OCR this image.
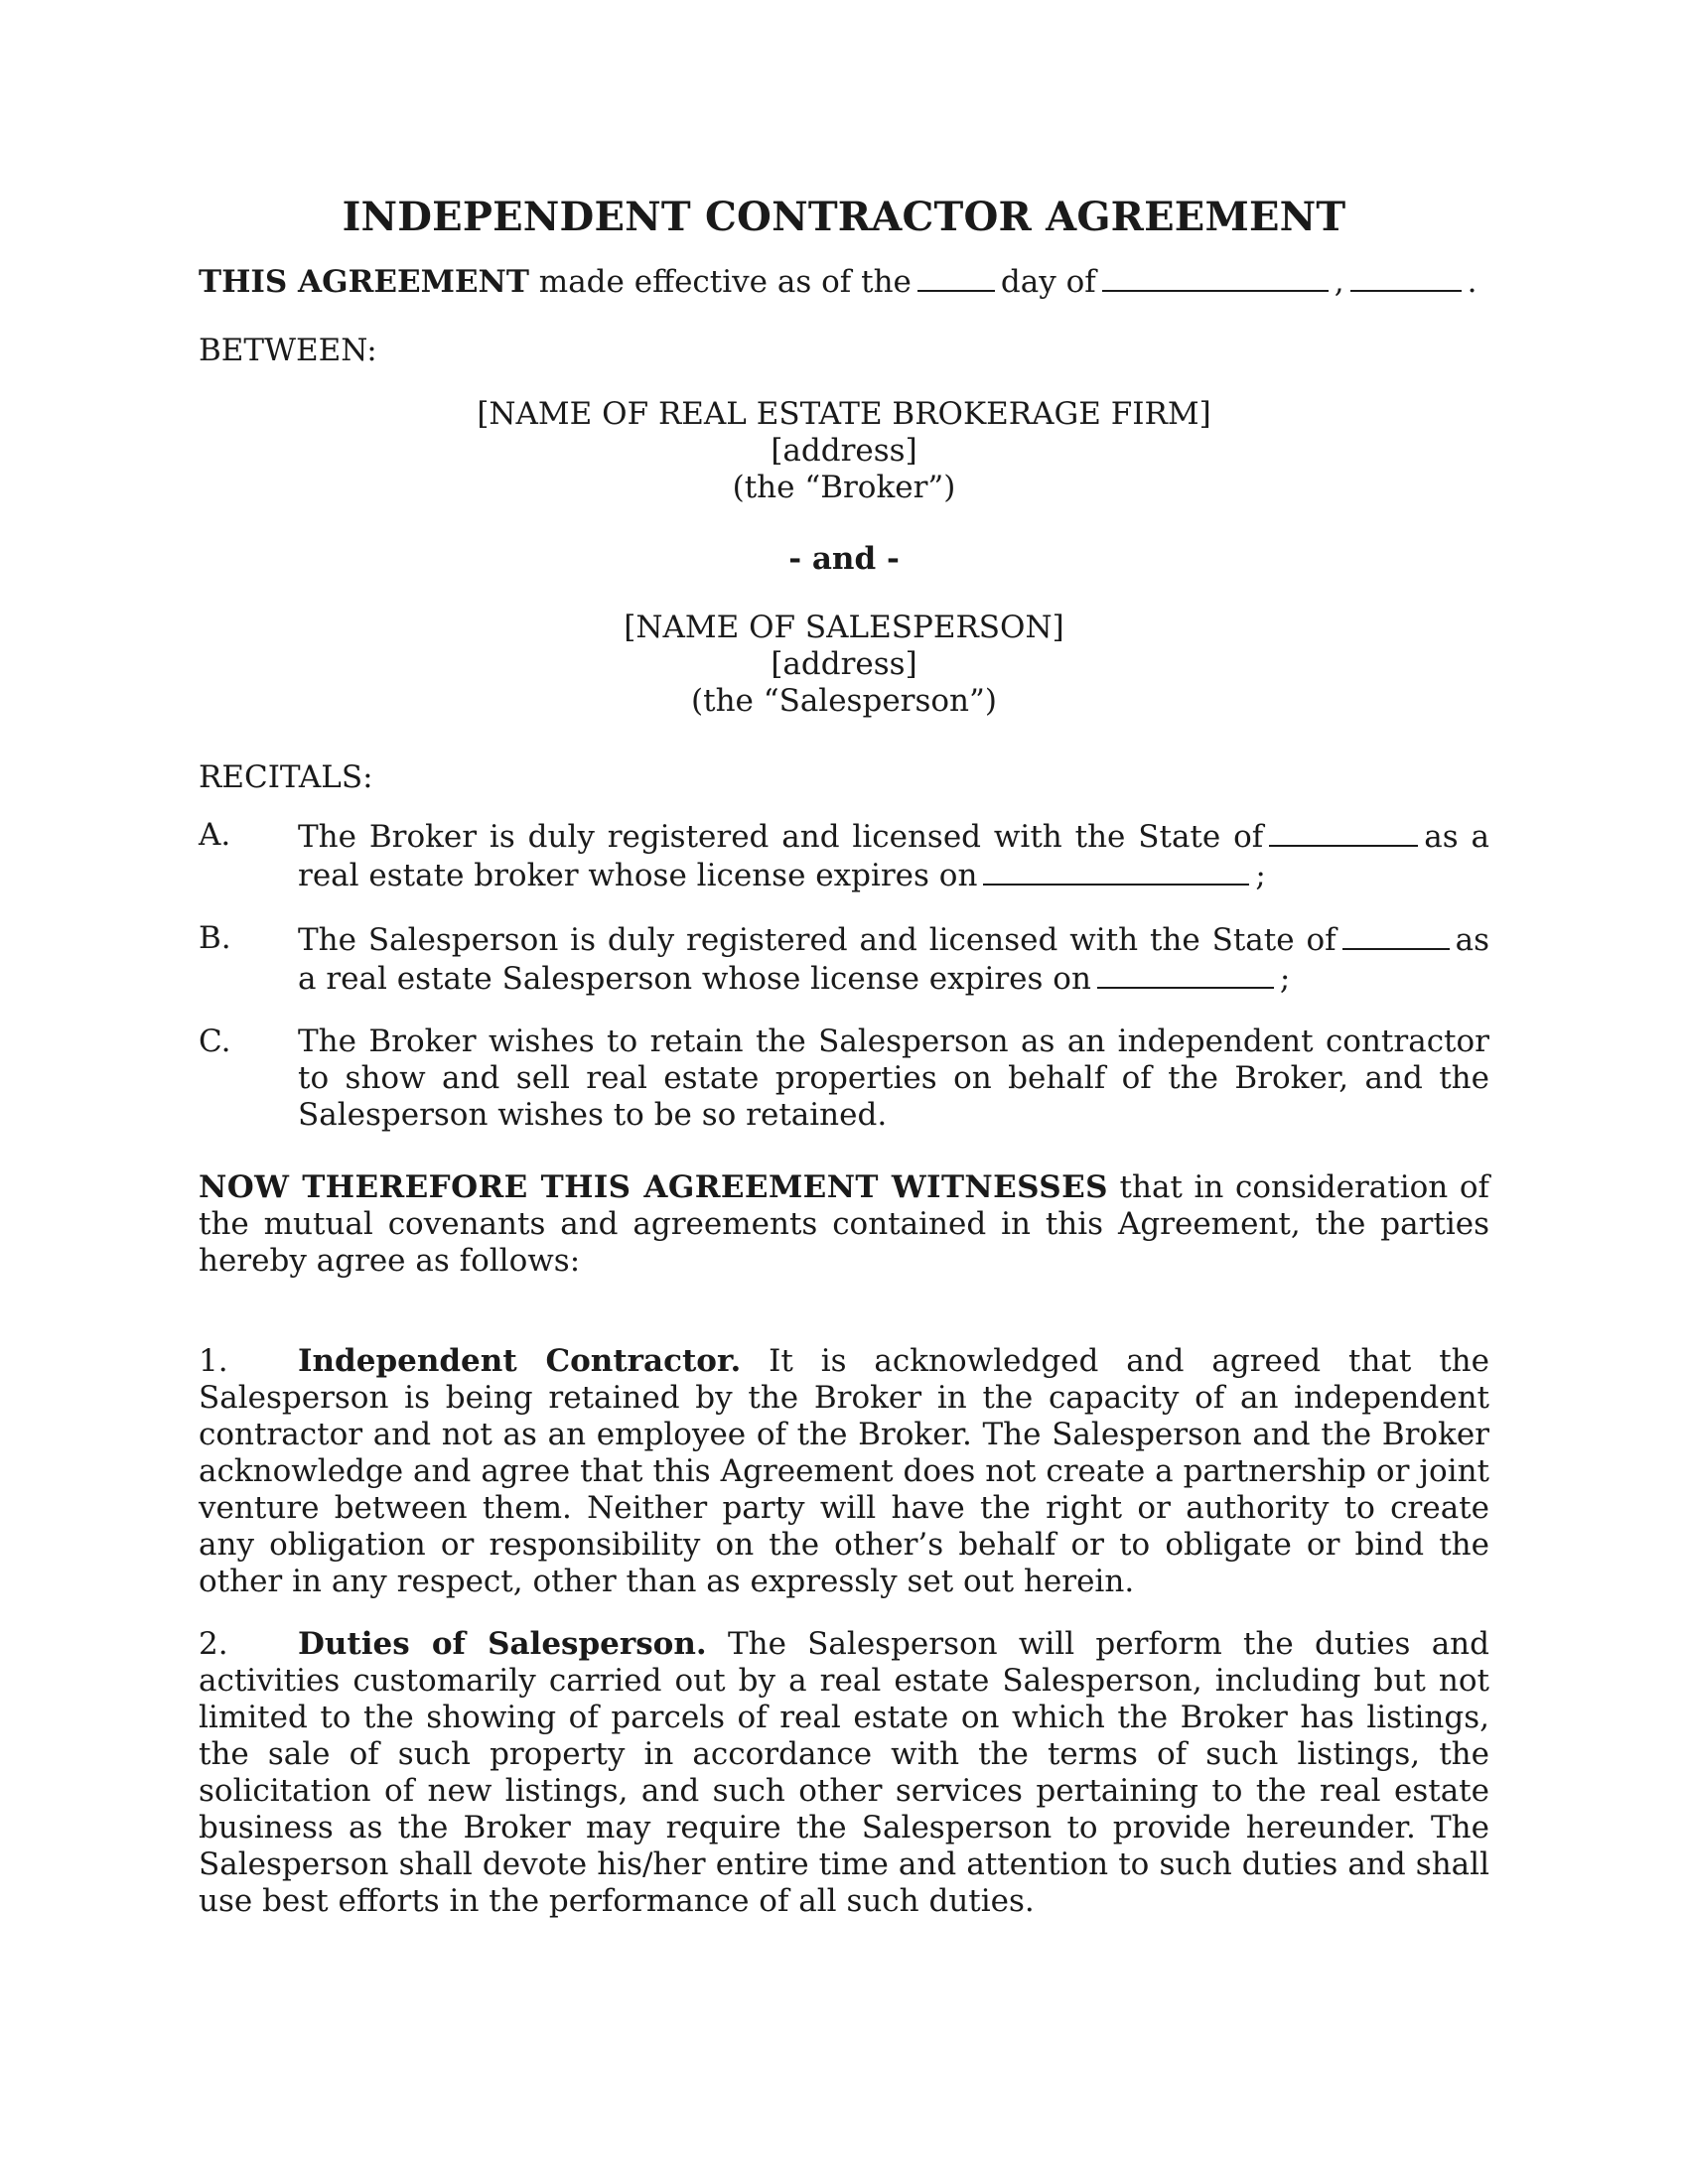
INDEPENDENT CONTRACTOR AGREEMENT
THIS AGREEMENT made effective as of the	day of	,	.
BETWEEN:
[NAME OF REAL ESTATE BROKERAGE FIRM]
[address]
(the “Broker”)
- and -
[NAME OF SALESPERSON]
[address]
(the “Salesperson”)
RECITALS:
A.	The Broker is duly registered and licensed with the State of	as a real estate broker whose license expires on	;
B.	The Salesperson is duly registered and licensed with the State of	as a real estate Salesperson whose license expires on	;
C.	The Broker wishes to retain the Salesperson as an independent contractor to show and sell real estate properties on behalf of the Broker, and the Salesperson wishes to be so retained.
NOW THEREFORE THIS AGREEMENT WITNESSES that in consideration of the mutual covenants and agreements contained in this Agreement, the parties hereby agree as follows:
1. Independent Contractor. It is acknowledged and agreed that the Salesperson is being retained by the Broker in the capacity of an independent contractor and not as an employee of the Broker. The Salesperson and the Broker acknowledge and agree that this Agreement does not create a partnership or joint venture between them. Neither party will have the right or authority to create any obligation or responsibility on the other’s behalf or to obligate or bind the other in any respect, other than as expressly set out herein.
2. Duties of Salesperson. The Salesperson will perform the duties and activities customarily carried out by a real estate Salesperson, including but not limited to the showing of parcels of real estate on which the Broker has listings, the sale of such property in accordance with the terms of such listings, the solicitation of new listings, and such other services pertaining to the real estate business as the Broker may require the Salesperson to provide hereunder. The Salesperson shall devote his/her entire time and attention to such duties and shall use best efforts in the performance of all such duties.
